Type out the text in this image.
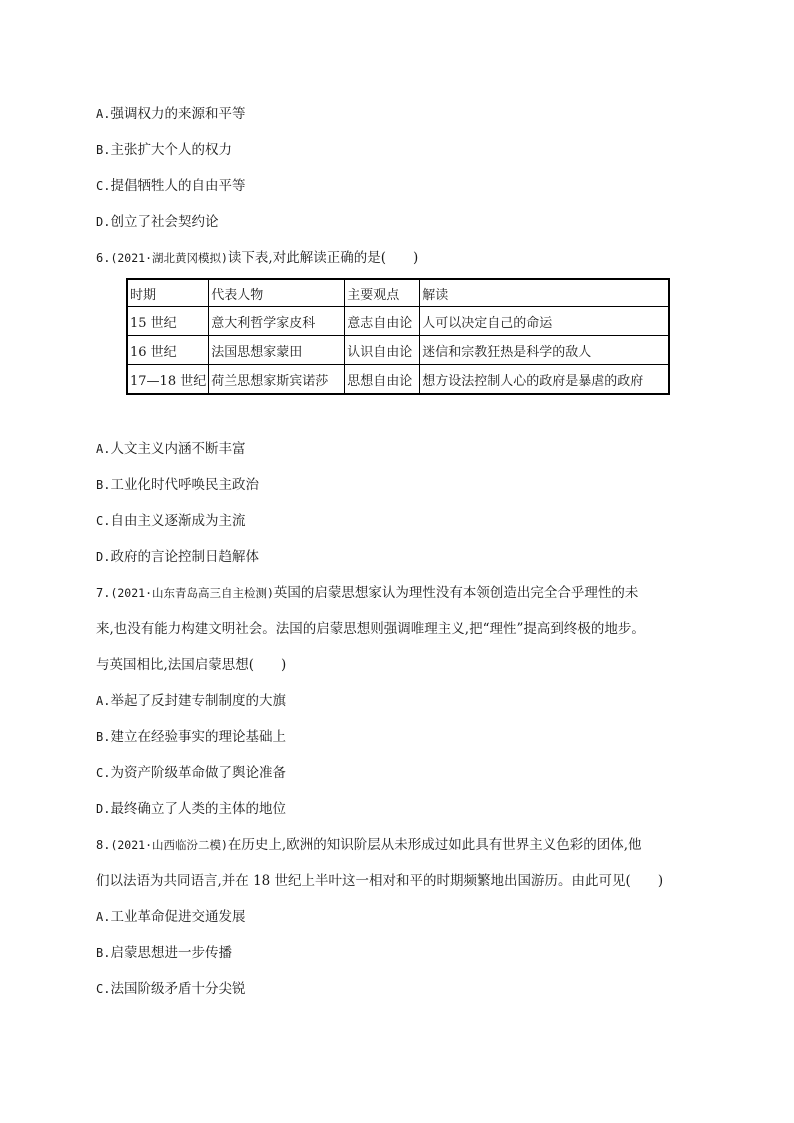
A.强调权力的来源和平等
B.主张扩大个人的权力
C.提倡牺牲人的自由平等
D.创立了社会契约论
6.(2021·湖北黄冈模拟)读下表,对此解读正确的是(　　)
时期	代表人物	主要观点	解读
15 世纪	意大利哲学家皮科	意志自由论	人可以决定自己的命运
16 世纪	法国思想家蒙田	认识自由论	迷信和宗教狂热是科学的敌人
17—18 世纪	荷兰思想家斯宾诺莎	思想自由论	想方设法控制人心的政府是暴虐的政府
A.人文主义内涵不断丰富
B.工业化时代呼唤民主政治
C.自由主义逐渐成为主流
D.政府的言论控制日趋解体
7.(2021·山东青岛高三自主检测)英国的启蒙思想家认为理性没有本领创造出完全合乎理性的未
来,也没有能力构建文明社会。法国的启蒙思想则强调唯理主义,把“理性”提高到终极的地步。
与英国相比,法国启蒙思想(　　)
A.举起了反封建专制制度的大旗
B.建立在经验事实的理论基础上
C.为资产阶级革命做了舆论准备
D.最终确立了人类的主体的地位
8.(2021·山西临汾二模)在历史上,欧洲的知识阶层从未形成过如此具有世界主义色彩的团体,他
们以法语为共同语言,并在 18 世纪上半叶这一相对和平的时期频繁地出国游历。由此可见(　　)
A.工业革命促进交通发展
B.启蒙思想进一步传播
C.法国阶级矛盾十分尖锐
